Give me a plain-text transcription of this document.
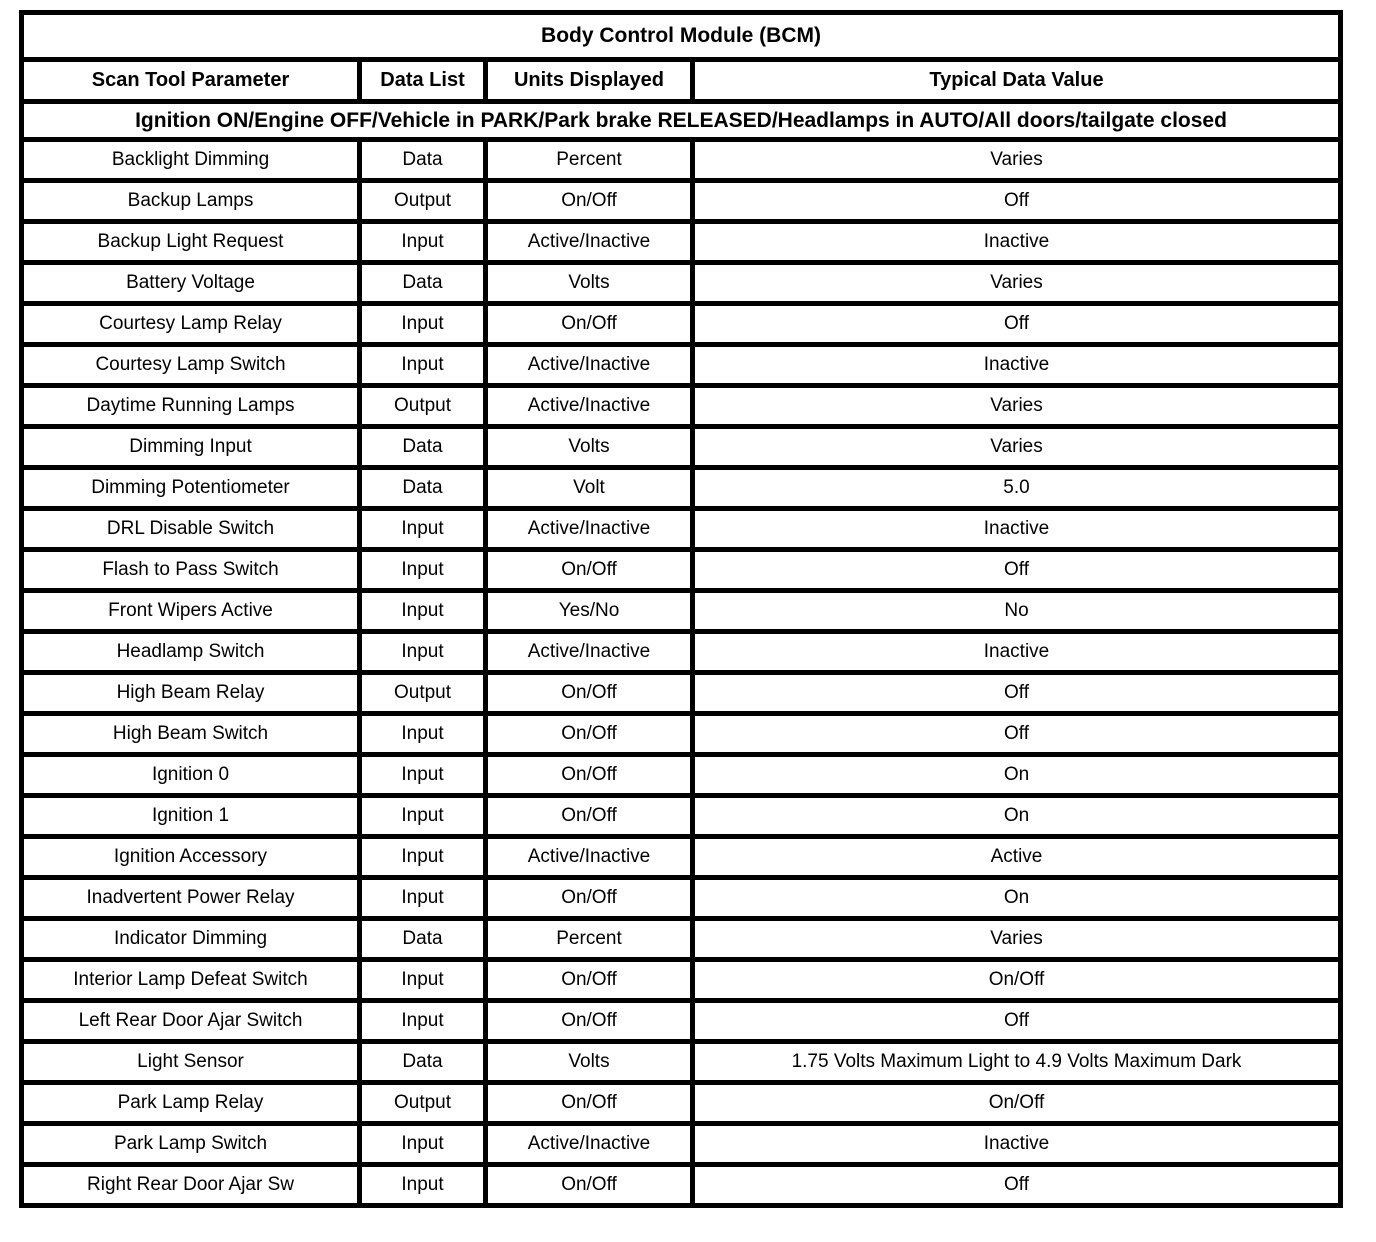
Body Control Module (BCM)			
Scan Tool Parameter	Data List	Units Displayed	Typical Data Value
Ignition ON/Engine OFF/Vehicle in PARK/Park brake RELEASED/Headlamps in AUTO/All doors/tailgate closed			
Backlight Dimming	Data	Percent	Varies
Backup Lamps	Output	On/Off	Off
Backup Light Request	Input	Active/Inactive	Inactive
Battery Voltage	Data	Volts	Varies
Courtesy Lamp Relay	Input	On/Off	Off
Courtesy Lamp Switch	Input	Active/Inactive	Inactive
Daytime Running Lamps	Output	Active/Inactive	Varies
Dimming Input	Data	Volts	Varies
Dimming Potentiometer	Data	Volt	5.0
DRL Disable Switch	Input	Active/Inactive	Inactive
Flash to Pass Switch	Input	On/Off	Off
Front Wipers Active	Input	Yes/No	No
Headlamp Switch	Input	Active/Inactive	Inactive
High Beam Relay	Output	On/Off	Off
High Beam Switch	Input	On/Off	Off
Ignition 0	Input	On/Off	On
Ignition 1	Input	On/Off	On
Ignition Accessory	Input	Active/Inactive	Active
Inadvertent Power Relay	Input	On/Off	On
Indicator Dimming	Data	Percent	Varies
Interior Lamp Defeat Switch	Input	On/Off	On/Off
Left Rear Door Ajar Switch	Input	On/Off	Off
Light Sensor	Data	Volts	1.75 Volts Maximum Light to 4.9 Volts Maximum Dark
Park Lamp Relay	Output	On/Off	On/Off
Park Lamp Switch	Input	Active/Inactive	Inactive
Right Rear Door Ajar Sw	Input	On/Off	Off
